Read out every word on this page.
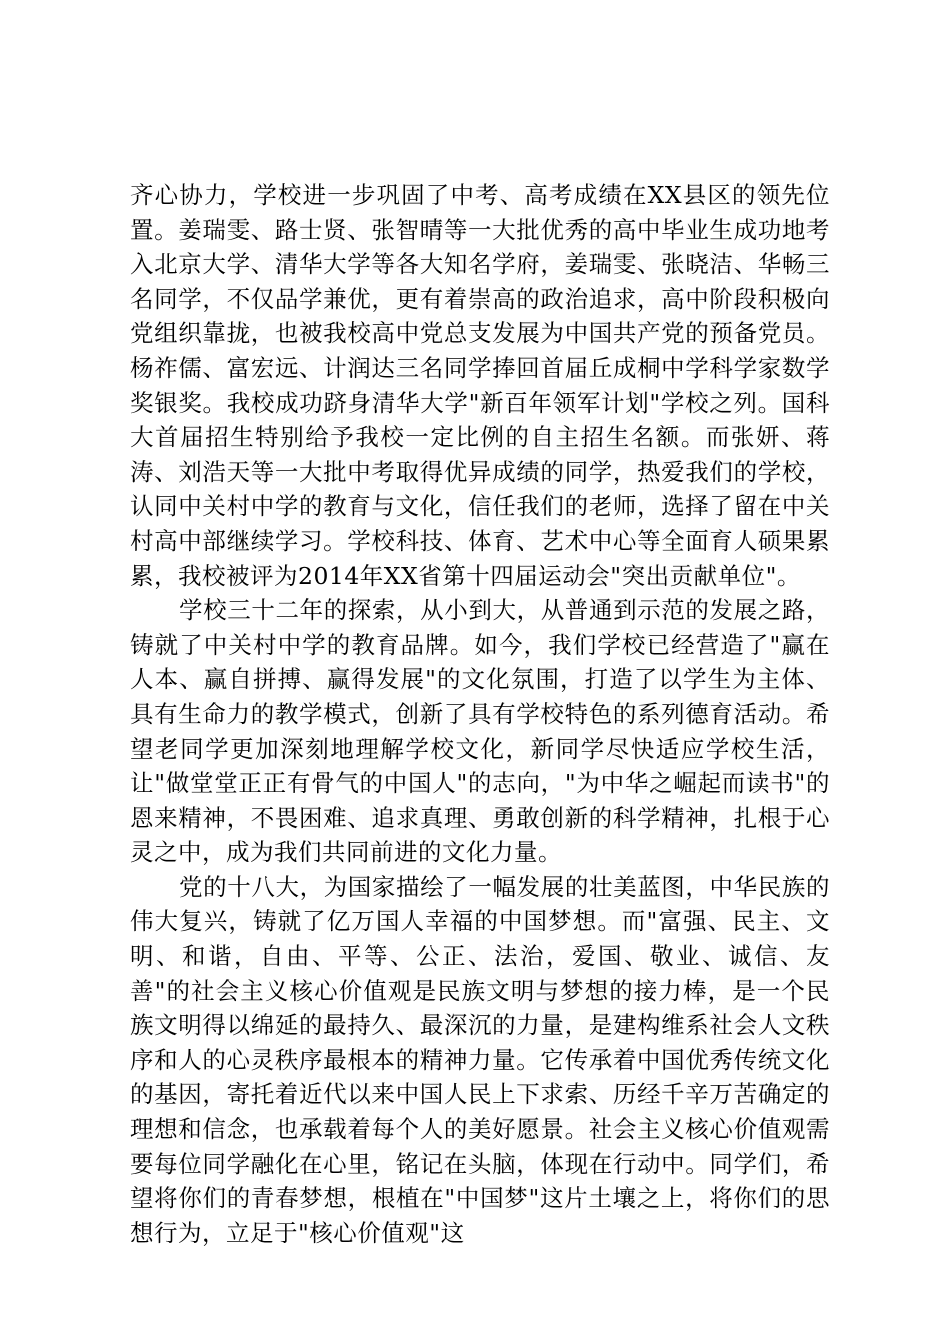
齐心协力，学校进一步巩固了中考、高考成绩在XX县区的领先位置。姜瑞雯、路士贤、张智晴等一大批优秀的高中毕业生成功地考入北京大学、清华大学等各大知名学府，姜瑞雯、张晓洁、华畅三名同学，不仅品学兼优，更有着崇高的政治追求，高中阶段积极向党组织靠拢，也被我校高中党总支发展为中国共产党的预备党员。杨祚儒、富宏远、计润达三名同学捧回首届丘成桐中学科学家数学奖银奖。我校成功跻身清华大学"新百年领军计划"学校之列。国科大首届招生特别给予我校一定比例的自主招生名额。而张妍、蒋涛、刘浩天等一大批中考取得优异成绩的同学，热爱我们的学校，认同中关村中学的教育与文化，信任我们的老师，选择了留在中关村高中部继续学习。学校科技、体育、艺术中心等全面育人硕果累累，我校被评为2014年XX省第十四届运动会"突出贡献单位"。

学校三十二年的探索，从小到大，从普通到示范的发展之路，铸就了中关村中学的教育品牌。如今，我们学校已经营造了"赢在人本、赢自拼搏、赢得发展"的文化氛围，打造了以学生为主体、具有生命力的教学模式，创新了具有学校特色的系列德育活动。希望老同学更加深刻地理解学校文化，新同学尽快适应学校生活，让"做堂堂正正有骨气的中国人"的志向，"为中华之崛起而读书"的恩来精神，不畏困难、追求真理、勇敢创新的科学精神，扎根于心灵之中，成为我们共同前进的文化力量。

党的十八大，为国家描绘了一幅发展的壮美蓝图，中华民族的伟大复兴，铸就了亿万国人幸福的中国梦想。而"富强、民主、文明、和谐，自由、平等、公正、法治，爱国、敬业、诚信、友善"的社会主义核心价值观是民族文明与梦想的接力棒，是一个民族文明得以绵延的最持久、最深沉的力量，是建构维系社会人文秩序和人的心灵秩序最根本的精神力量。它传承着中国优秀传统文化的基因，寄托着近代以来中国人民上下求索、历经千辛万苦确定的理想和信念，也承载着每个人的美好愿景。社会主义核心价值观需要每位同学融化在心里，铭记在头脑，体现在行动中。同学们，希望将你们的青春梦想，根植在"中国梦"这片土壤之上，将你们的思想行为，立足于"核心价值观"这
